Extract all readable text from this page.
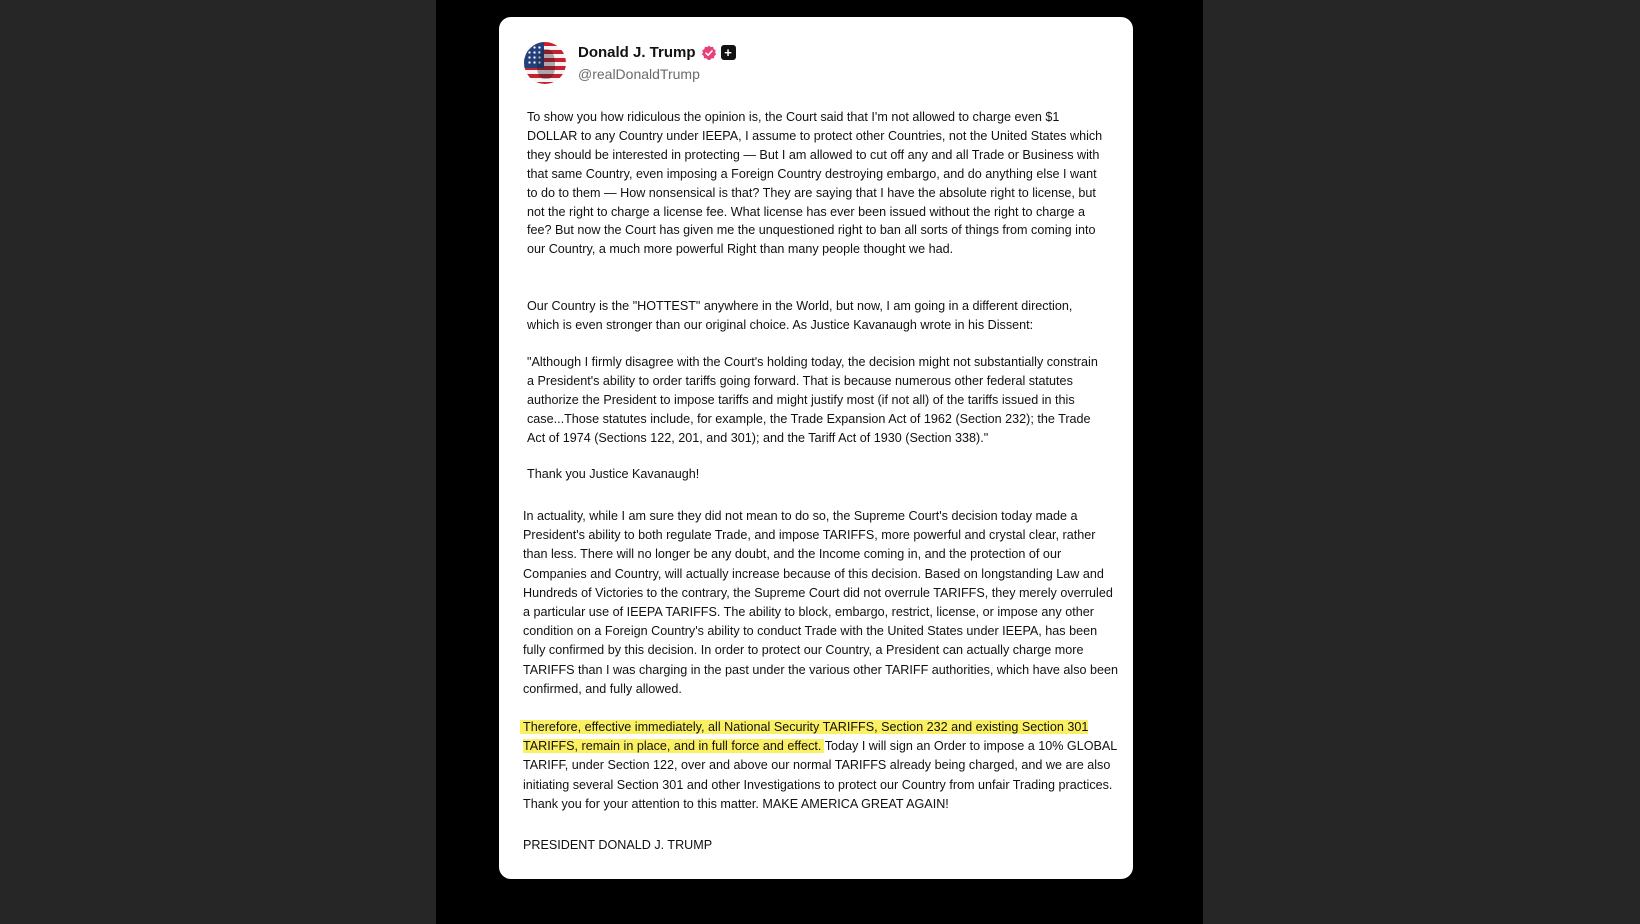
Donald J. Trump +
@realDonaldTrump

To show you how ridiculous the opinion is, the Court said that I'm not allowed to charge even $1 DOLLAR to any Country under IEEPA, I assume to protect other Countries, not the United States which they should be interested in protecting — But I am allowed to cut off any and all Trade or Business with that same Country, even imposing a Foreign Country destroying embargo, and do anything else I want to do to them — How nonsensical is that? They are saying that I have the absolute right to license, but not the right to charge a license fee. What license has ever been issued without the right to charge a fee? But now the Court has given me the unquestioned right to ban all sorts of things from coming into our Country, a much more powerful Right than many people thought we had.

Our Country is the "HOTTEST" anywhere in the World, but now, I am going in a different direction, which is even stronger than our original choice. As Justice Kavanaugh wrote in his Dissent:

"Although I firmly disagree with the Court's holding today, the decision might not substantially constrain a President's ability to order tariffs going forward. That is because numerous other federal statutes authorize the President to impose tariffs and might justify most (if not all) of the tariffs issued in this case...Those statutes include, for example, the Trade Expansion Act of 1962 (Section 232); the Trade Act of 1974 (Sections 122, 201, and 301); and the Tariff Act of 1930 (Section 338)."

Thank you Justice Kavanaugh!

In actuality, while I am sure they did not mean to do so, the Supreme Court's decision today made a President's ability to both regulate Trade, and impose TARIFFS, more powerful and crystal clear, rather than less. There will no longer be any doubt, and the Income coming in, and the protection of our Companies and Country, will actually increase because of this decision. Based on longstanding Law and Hundreds of Victories to the contrary, the Supreme Court did not overrule TARIFFS, they merely overruled a particular use of IEEPA TARIFFS. The ability to block, embargo, restrict, license, or impose any other condition on a Foreign Country's ability to conduct Trade with the United States under IEEPA, has been fully confirmed by this decision. In order to protect our Country, a President can actually charge more TARIFFS than I was charging in the past under the various other TARIFF authorities, which have also been confirmed, and fully allowed.

Therefore, effective immediately, all National Security TARIFFS, Section 232 and existing Section 301 TARIFFS, remain in place, and in full force and effect. Today I will sign an Order to impose a 10% GLOBAL TARIFF, under Section 122, over and above our normal TARIFFS already being charged, and we are also initiating several Section 301 and other Investigations to protect our Country from unfair Trading practices. Thank you for your attention to this matter. MAKE AMERICA GREAT AGAIN!

PRESIDENT DONALD J. TRUMP
